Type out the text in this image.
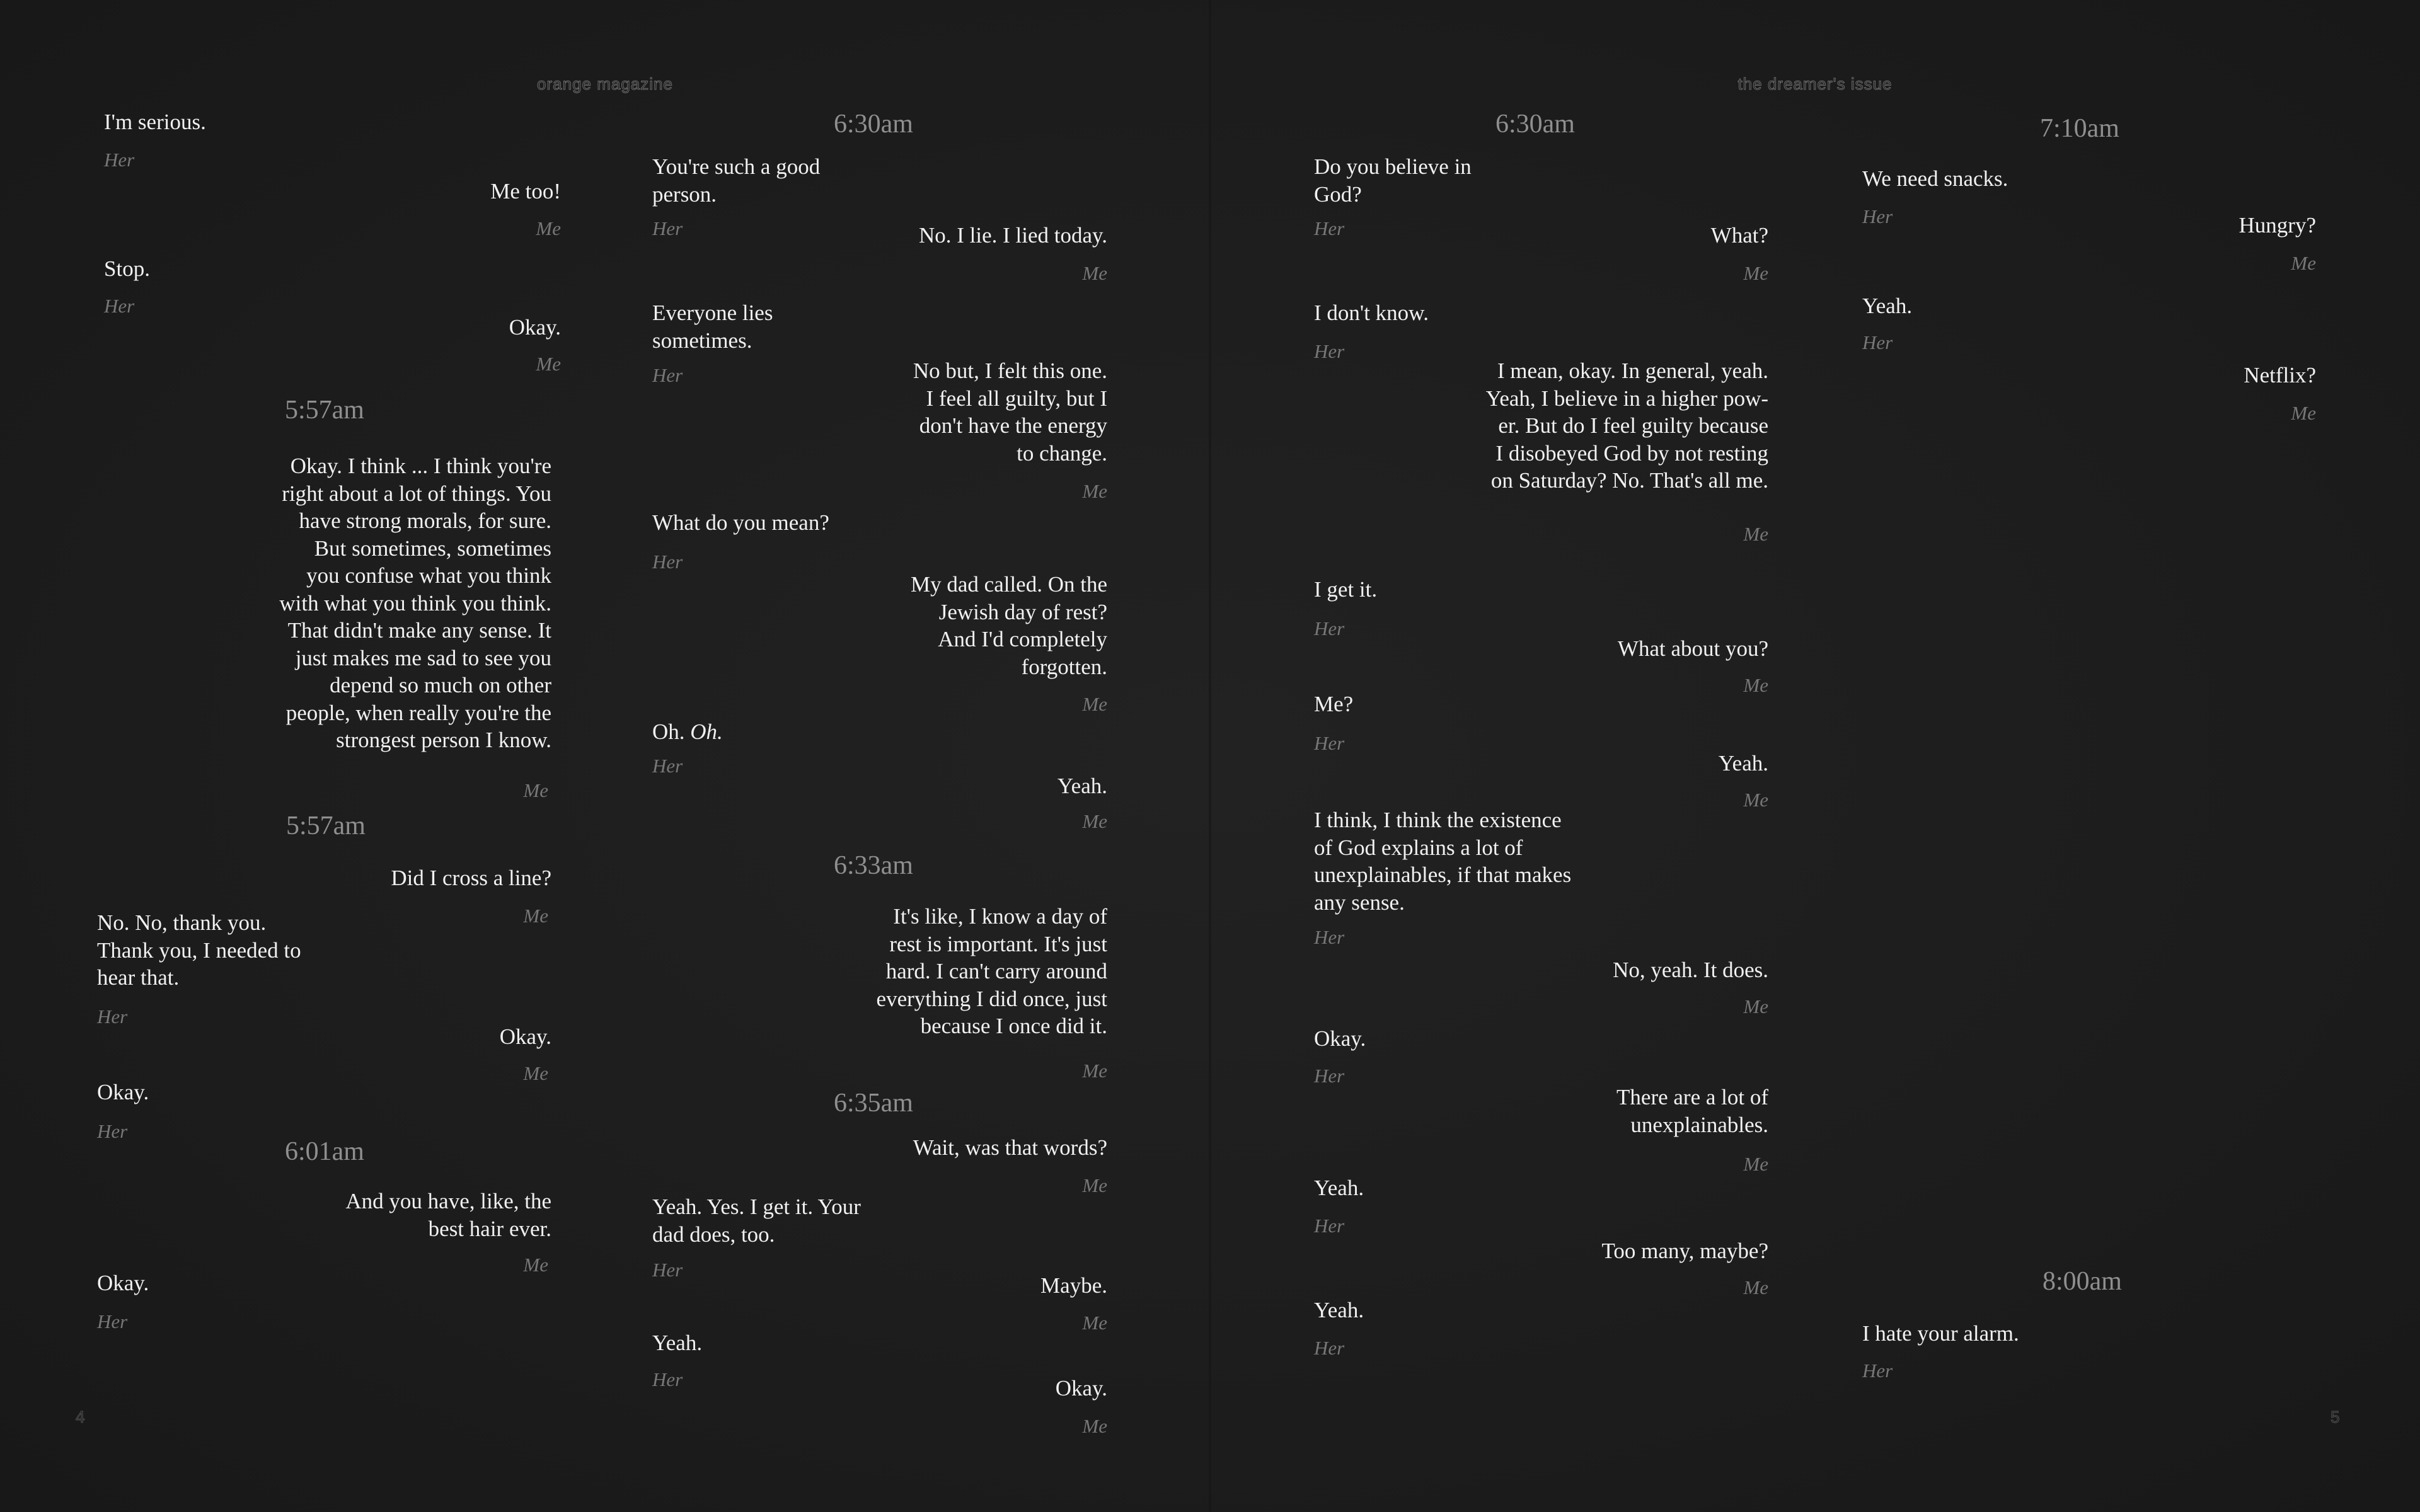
orange magazine	the dreamer's issue
4	5
I'm serious.
Her
Me too!
Me
Stop.
Her
Okay.
Me
5:57am
Okay. I think ... I think you're
right about a lot of things. You
have strong morals, for sure.
But sometimes, sometimes
you confuse what you think
with what you think you think.
That didn't make any sense. It
just makes me sad to see you
depend so much on other
people, when really you're the
strongest person I know.
Me
5:57am
Did I cross a line?
Me
No. No, thank you.
Thank you, I needed to
hear that.
Her
Okay.
Me
Okay.
Her
6:01am
And you have, like, the
best hair ever.
Me
Okay.
Her
6:30am
You're such a good
person.
Her	No. I lie. I lied today.
Me
Everyone lies
sometimes.
Her	No but, I felt this one.
I feel all guilty, but I
don't have the energy
to change.
Me
What do you mean?
Her
My dad called. On the
Jewish day of rest?
And I'd completely
forgotten.
Me
Oh. Oh.
Her
Yeah.
Me
6:33am
It's like, I know a day of
rest is important. It's just
hard. I can't carry around
everything I did once, just
because I once did it.
Me
6:35am
Wait, was that words?
Me
Yeah. Yes. I get it. Your
dad does, too.
Her
Maybe.
Me
Yeah.
Her	Okay.
Me
6:30am
Do you believe in
God?
Her	What?
Me
I don't know.
Her
I mean, okay. In general, yeah.
Yeah, I believe in a higher pow-
er. But do I feel guilty because
I disobeyed God by not resting
on Saturday? No. That's all me.
Me
I get it.
Her
What about you?
Me
Me?
Her
Yeah.
Me
I think, I think the existence
of God explains a lot of
unexplainables, if that makes
any sense.
Her
No, yeah. It does.
Me
Okay.
Her
There are a lot of
unexplainables.
Me
Yeah.
Her
Too many, maybe?
Me
Yeah.
Her
7:10am
We need snacks.
Her	Hungry?
Me
Yeah.
Her
Netflix?
Me
8:00am
I hate your alarm.
Her
